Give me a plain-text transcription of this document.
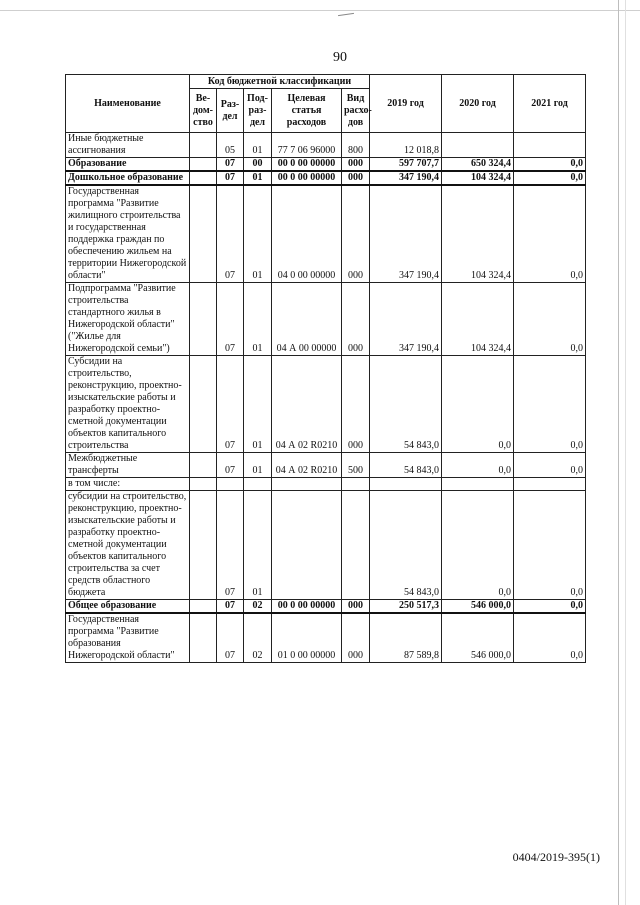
90
Наименование	Код бюджетной классификации					2019 год	2020 год	2021 год
	Ве-дом-ство	Раз-дел	Под-раз-дел	Целевая статья расходов	Вид расхо-дов			
Иные бюджетные ассигнования		05	01	77 7 06 96000	800	12 018,8		
Образование		07	00	00 0 00 00000	000	597 707,7	650 324,4	0,0
Дошкольное образование		07	01	00 0 00 00000	000	347 190,4	104 324,4	0,0
Государственная программа "Развитие жилищного строительства и государственная поддержка граждан по обеспечению жильем на территории Нижегородской области"		07	01	04 0 00 00000	000	347 190,4	104 324,4	0,0
Подпрограмма "Развитие строительства стандартного жилья в Нижегородской области" ("Жилье для Нижегородской семьи")		07	01	04 А 00 00000	000	347 190,4	104 324,4	0,0
Субсидии на строительство, реконструкцию, проектно-изыскательские работы и разработку проектно-сметной документации объектов капитального строительства		07	01	04 А 02 R0210	000	54 843,0	0,0	0,0
Межбюджетные трансферты		07	01	04 А 02 R0210	500	54 843,0	0,0	0,0
в том числе:								
субсидии на строительство, реконструкцию, проектно-изыскательские работы и разработку проектно-сметной документации объектов капитального строительства за счет средств областного бюджета		07	01			54 843,0	0,0	0,0
Общее образование		07	02	00 0 00 00000	000	250 517,3	546 000,0	0,0
Государственная программа "Развитие образования Нижегородской области"		07	02	01 0 00 00000	000	87 589,8	546 000,0	0,0
0404/2019-395(1)
